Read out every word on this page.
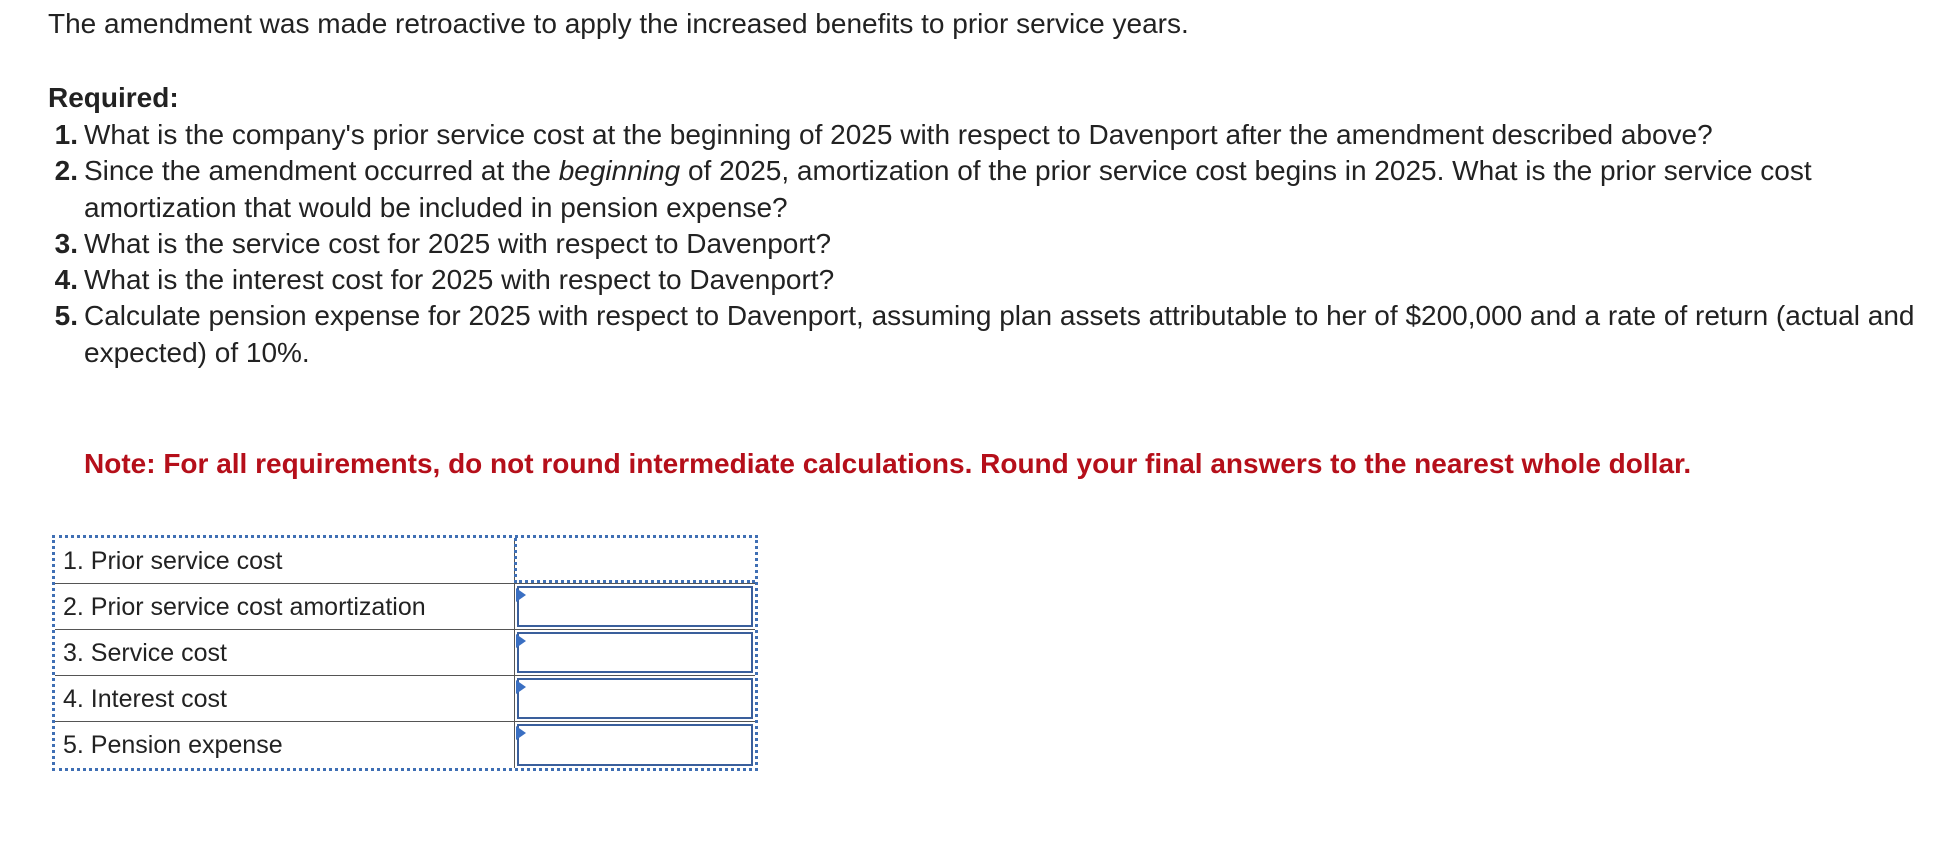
The amendment was made retroactive to apply the increased benefits to prior service years.
Required:
1. What is the company's prior service cost at the beginning of 2025 with respect to Davenport after the amendment described above?
2. Since the amendment occurred at the beginning of 2025, amortization of the prior service cost begins in 2025. What is the prior service cost amortization that would be included in pension expense?
3. What is the service cost for 2025 with respect to Davenport?
4. What is the interest cost for 2025 with respect to Davenport?
5. Calculate pension expense for 2025 with respect to Davenport, assuming plan assets attributable to her of $200,000 and a rate of return (actual and expected) of 10%.
Note: For all requirements, do not round intermediate calculations. Round your final answers to the nearest whole dollar.
1. Prior service cost
2. Prior service cost amortization
3. Service cost
4. Interest cost
5. Pension expense
